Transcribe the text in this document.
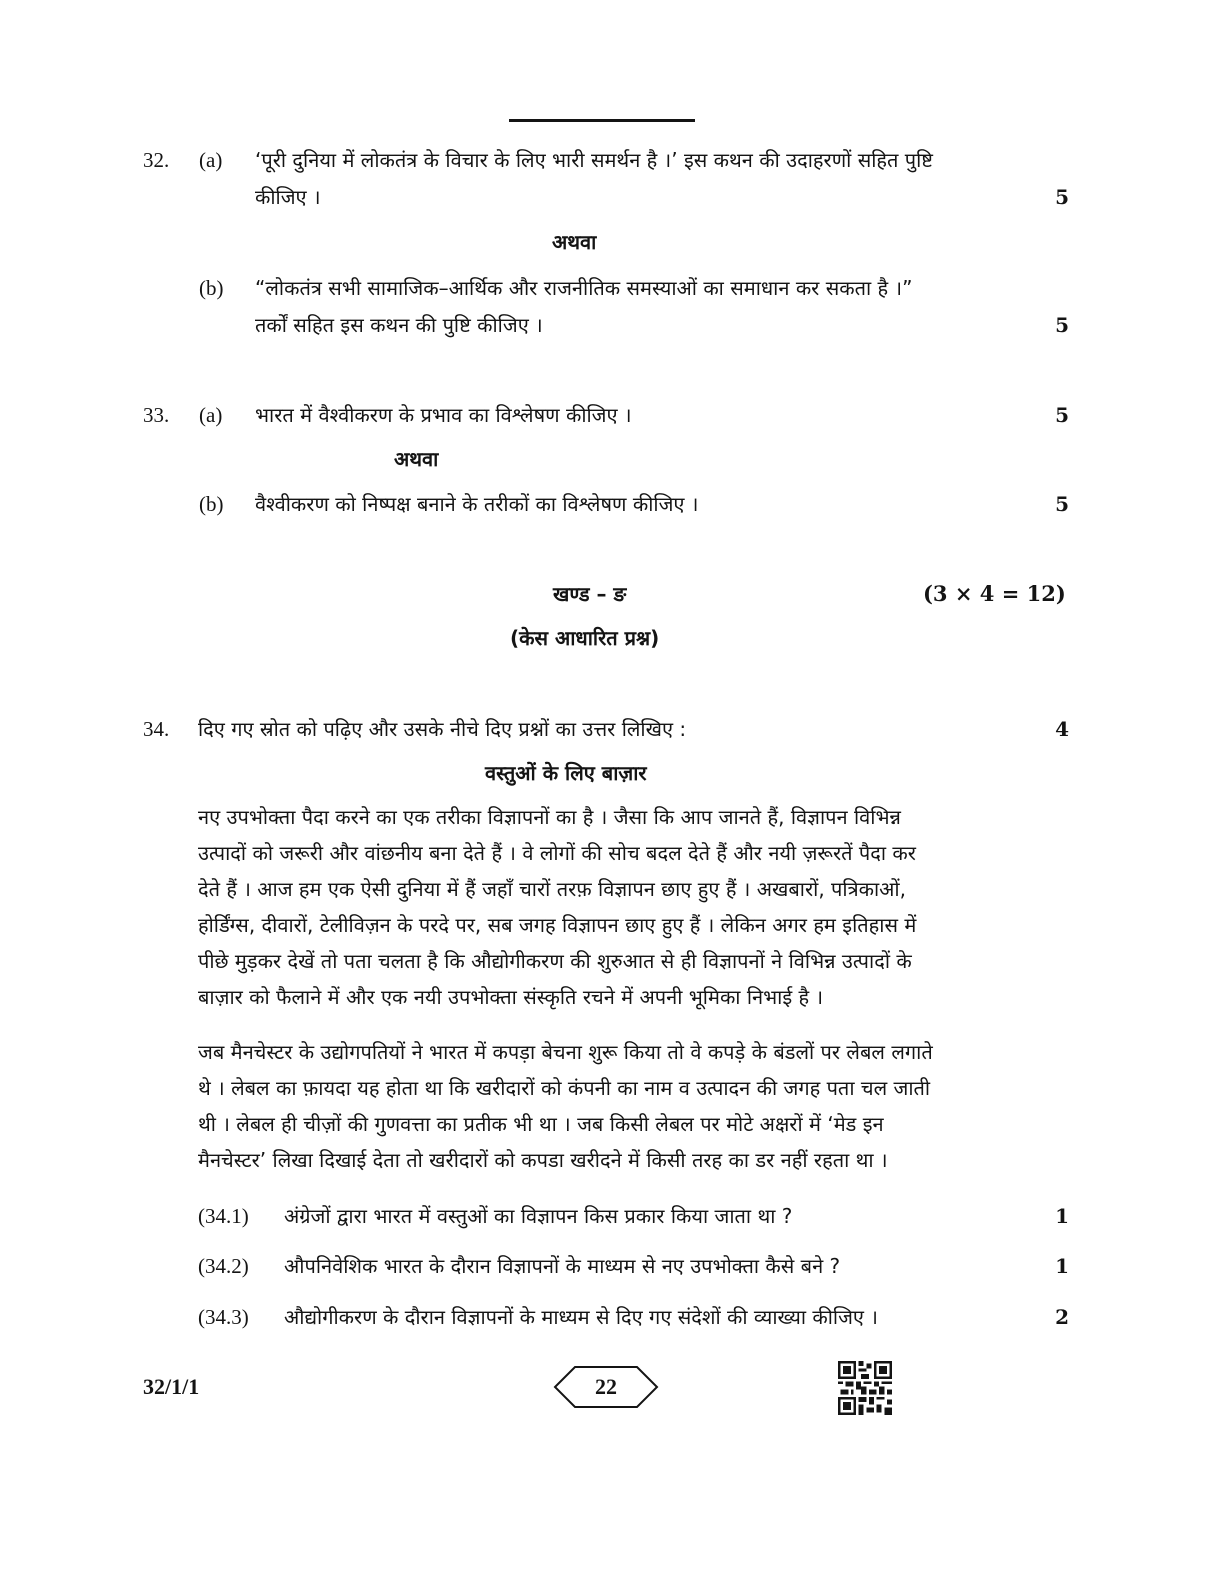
32. (a) ‘पूरी दुनिया में लोकतंत्र के विचार के लिए भारी समर्थन है ।’ इस कथन की उदाहरणों सहित पुष्टि
कीजिए ।	5
अथवा
(b) “लोकतंत्र सभी सामाजिक–आर्थिक और राजनीतिक समस्याओं का समाधान कर सकता है ।”
तर्कों सहित इस कथन की पुष्टि कीजिए ।	5
33. (a) भारत में वैश्वीकरण के प्रभाव का विश्लेषण कीजिए ।	5
अथवा
(b) वैश्वीकरण को निष्पक्ष बनाने के तरीकों का विश्लेषण कीजिए ।	5
खण्ड – ङ	(3 × 4 = 12)
(केस आधारित प्रश्न)
34. दिए गए स्रोत को पढ़िए और उसके नीचे दिए प्रश्नों का उत्तर लिखिए :	4
वस्तुओं के लिए बाज़ार
नए उपभोक्ता पैदा करने का एक तरीका विज्ञापनों का है । जैसा कि आप जानते हैं, विज्ञापन विभिन्न
उत्पादों को जरूरी और वांछनीय बना देते हैं । वे लोगों की सोच बदल देते हैं और नयी ज़रूरतें पैदा कर
देते हैं । आज हम एक ऐसी दुनिया में हैं जहाँ चारों तरफ़ विज्ञापन छाए हुए हैं । अखबारों, पत्रिकाओं,
होर्डिंग्स, दीवारों, टेलीविज़न के परदे पर, सब जगह विज्ञापन छाए हुए हैं । लेकिन अगर हम इतिहास में
पीछे मुड़कर देखें तो पता चलता है कि औद्योगीकरण की शुरुआत से ही विज्ञापनों ने विभिन्न उत्पादों के
बाज़ार को फैलाने में और एक नयी उपभोक्ता संस्कृति रचने में अपनी भूमिका निभाई है ।
जब मैनचेस्टर के उद्योगपतियों ने भारत में कपड़ा बेचना शुरू किया तो वे कपड़े के बंडलों पर लेबल लगाते
थे । लेबल का फ़ायदा यह होता था कि खरीदारों को कंपनी का नाम व उत्पादन की जगह पता चल जाती
थी । लेबल ही चीज़ों की गुणवत्ता का प्रतीक भी था । जब किसी लेबल पर मोटे अक्षरों में ‘मेड इन
मैनचेस्टर’ लिखा दिखाई देता तो खरीदारों को कपडा खरीदने में किसी तरह का डर नहीं रहता था ।
(34.1) अंग्रेजों द्वारा भारत में वस्तुओं का विज्ञापन किस प्रकार किया जाता था ?	1
(34.2) औपनिवेशिक भारत के दौरान विज्ञापनों के माध्यम से नए उपभोक्ता कैसे बने ?	1
(34.3) औद्योगीकरण के दौरान विज्ञापनों के माध्यम से दिए गए संदेशों की व्याख्या कीजिए ।	2
32/1/1	22
